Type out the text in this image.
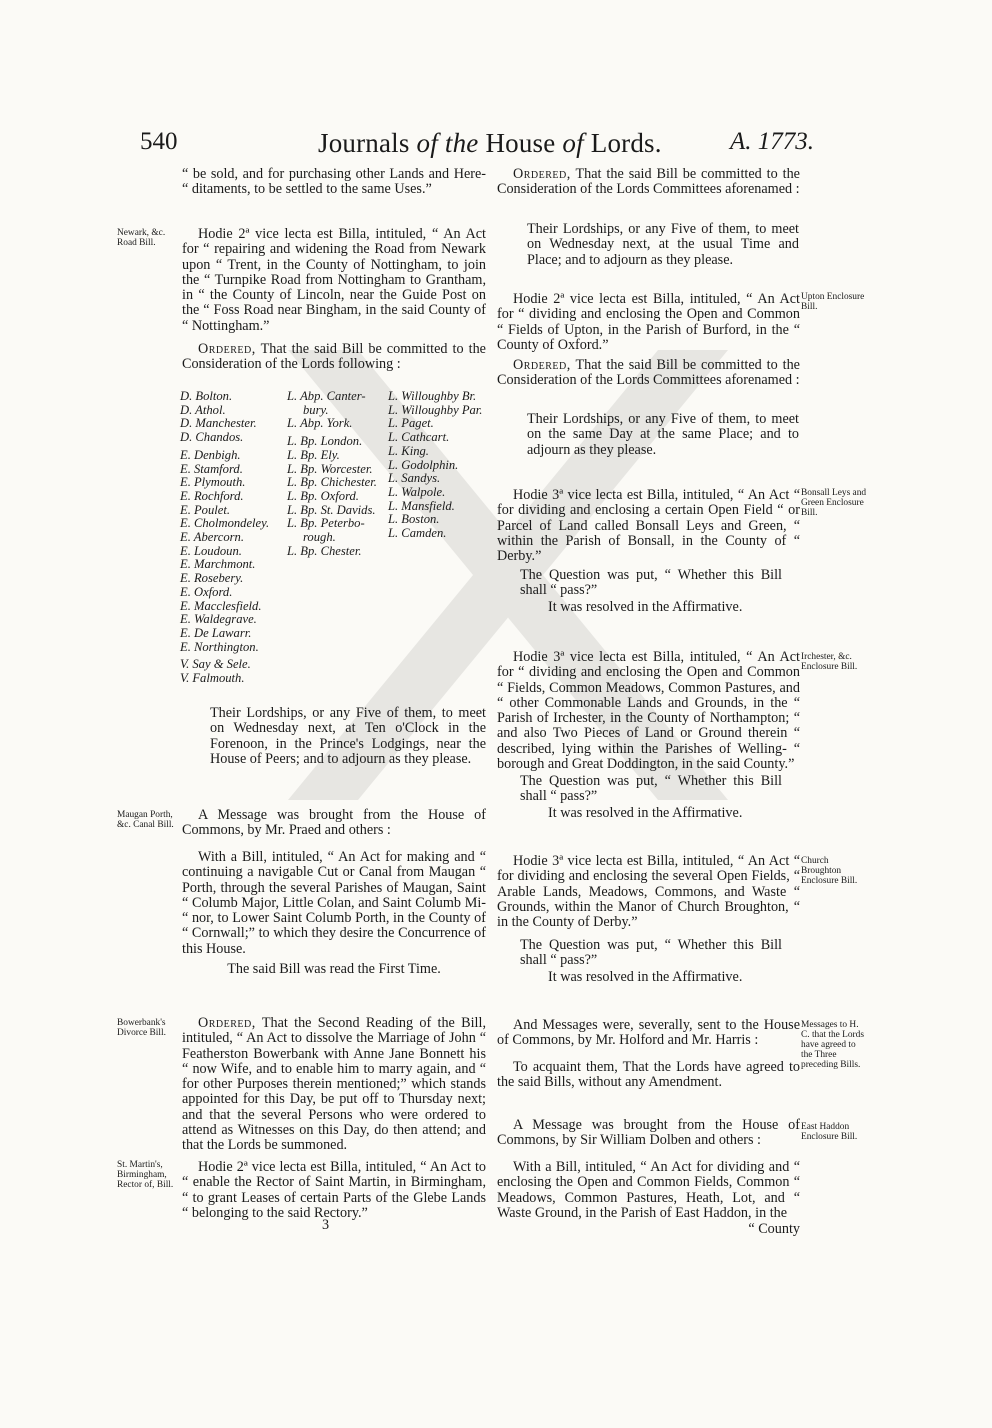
540	Journals of the House of Lords.	A. 1773.

“ be sold, and for purchasing other Lands and Here- “ ditaments, to be settled to the same Uses.”

Newark, &c. Road Bill.

Hodie 2ª vice lecta est Billa, intituled, “ An Act for “ repairing and widening the Road from Newark upon “ Trent, in the County of Nottingham, to join the “ Turnpike Road from Nottingham to Grantham, in “ the County of Lincoln, near the Guide Post on the “ Foss Road near Bingham, in the said County of “ Nottingham.”

Ordered, That the said Bill be committed to the Consideration of the Lords following :

D. Bolton.
D. Athol.
D. Manchester.
D. Chandos.
E. Denbigh.
E. Stamford.
E. Plymouth.
E. Rochford.
E. Poulet.
E. Cholmondeley.
E. Abercorn.
E. Loudoun.
E. Marchmont.
E. Rosebery.
E. Oxford.
E. Macclesfield.
E. Waldegrave.
E. De Lawarr.
E. Northington.
V. Say & Sele.
V. Falmouth.
L. Abp. Canter-
bury.
L. Abp. York.
L. Bp. London.
L. Bp. Ely.
L. Bp. Worcester.
L. Bp. Chichester.
L. Bp. Oxford.
L. Bp. St. Davids.
L. Bp. Peterbo-
rough.
L. Bp. Chester.
L. Willoughby Br.
L. Willoughby Par.
L. Paget.
L. Cathcart.
L. King.
L. Godolphin.
L. Sandys.
L. Walpole.
L. Mansfield.
L. Boston.
L. Camden.

Their Lordships, or any Five of them, to meet on Wednesday next, at Ten o'Clock in the Forenoon, in the Prince's Lodgings, near the House of Peers; and to adjourn as they please.

Maugan Porth, &c. Canal Bill.

A Message was brought from the House of Commons, by Mr. Praed and others :

With a Bill, intituled, “ An Act for making and “ continuing a navigable Cut or Canal from Maugan “ Porth, through the several Parishes of Maugan, Saint “ Columb Major, Little Colan, and Saint Columb Mi- “ nor, to Lower Saint Columb Porth, in the County of “ Cornwall;” to which they desire the Concurrence of this House.

The said Bill was read the First Time.

Bowerbank's Divorce Bill.

Ordered, That the Second Reading of the Bill, intituled, “ An Act to dissolve the Marriage of John “ Featherston Bowerbank with Anne Jane Bonnett his “ now Wife, and to enable him to marry again, and “ for other Purposes therein mentioned;” which stands appointed for this Day, be put off to Thursday next; and that the several Persons who were ordered to attend as Witnesses on this Day, do then attend; and that the Lords be summoned.

St. Martin's, Birmingham, Rector of, Bill.

Hodie 2ª vice lecta est Billa, intituled, “ An Act to “ enable the Rector of Saint Martin, in Birmingham, “ to grant Leases of certain Parts of the Glebe Lands “ belonging to the said Rectory.”

3

Ordered, That the said Bill be committed to the Consideration of the Lords Committees aforenamed :

Their Lordships, or any Five of them, to meet on Wednesday next, at the usual Time and Place; and to adjourn as they please.

Upton Enclosure Bill.

Hodie 2ª vice lecta est Billa, intituled, “ An Act for “ dividing and enclosing the Open and Common “ Fields of Upton, in the Parish of Burford, in the “ County of Oxford.”

Ordered, That the said Bill be committed to the Consideration of the Lords Committees aforenamed :

Their Lordships, or any Five of them, to meet on the same Day at the same Place; and to adjourn as they please.

Bonsall Leys and Green Enclosure Bill.

Hodie 3ª vice lecta est Billa, intituled, “ An Act “ for dividing and enclosing a certain Open Field “ or Parcel of Land called Bonsall Leys and Green, “ within the Parish of Bonsall, in the County of “ Derby.”

The Question was put, “ Whether this Bill shall “ pass?”

It was resolved in the Affirmative.
Irchester, &c. Enclosure Bill.

Hodie 3ª vice lecta est Billa, intituled, “ An Act for “ dividing and enclosing the Open and Common “ Fields, Common Meadows, Common Pastures, and “ other Commonable Lands and Grounds, in the “ Parish of Irchester, in the County of Northampton; “ and also Two Pieces of Land or Ground therein “ described, lying within the Parishes of Welling- “ borough and Great Doddington, in the said County.”

The Question was put, “ Whether this Bill shall “ pass?”

It was resolved in the Affirmative.
Church Broughton Enclosure Bill.

Hodie 3ª vice lecta est Billa, intituled, “ An Act “ for dividing and enclosing the several Open Fields, “ Arable Lands, Meadows, Commons, and Waste “ Grounds, within the Manor of Church Broughton, “ in the County of Derby.”

The Question was put, “ Whether this Bill shall “ pass?”

It was resolved in the Affirmative.
Messages to H. C. that the Lords have agreed to the Three preceding Bills.

And Messages were, severally, sent to the House of Commons, by Mr. Holford and Mr. Harris :

To acquaint them, That the Lords have agreed to the said Bills, without any Amendment.

East Haddon Enclosure Bill.

A Message was brought from the House of Commons, by Sir William Dolben and others :

With a Bill, intituled, “ An Act for dividing and “ enclosing the Open and Common Fields, Common “ Meadows, Common Pastures, Heath, Lot, and “ Waste Ground, in the Parish of East Haddon, in the

“ County
